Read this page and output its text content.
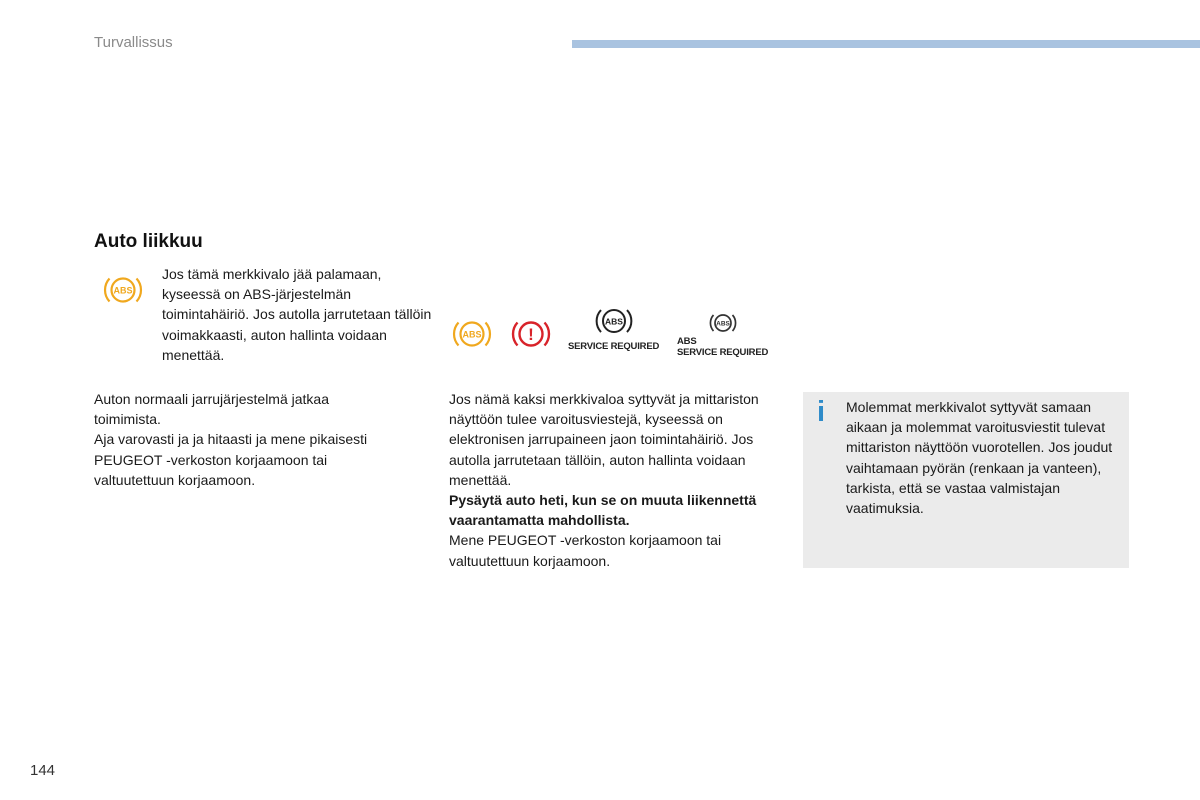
Turvallissus
Auto liikkuu
ABS
Jos tämä merkkivalo jää palamaan, kyseessä on ABS-järjestelmän toimintahäiriö. Jos autolla jarrutetaan tällöin voimakkaasti, auton hallinta voidaan menettää.
ABS	!
ABS
SERVICE REQUIRED
ABS
ABS
SERVICE REQUIRED
Auton normaali jarrujärjestelmä jatkaa toimimista.
Aja varovasti ja ja hitaasti ja mene pikaisesti PEUGEOT -verkoston korjaamoon tai valtuutettuun korjaamoon.
Jos nämä kaksi merkkivaloa syttyvät ja mittariston näyttöön tulee varoitusviestejä, kyseessä on elektronisen jarrupaineen jaon toimintahäiriö. Jos autolla jarrutetaan tällöin, auton hallinta voidaan menettää.
Pysäytä auto heti, kun se on muuta liikennettä vaarantamatta mahdollista.
Mene PEUGEOT -verkoston korjaamoon tai valtuutettuun korjaamoon.
i Molemmat merkkivalot syttyvät samaan aikaan ja molemmat varoitusviestit tulevat mittariston näyttöön vuorotellen. Jos joudut vaihtamaan pyörän (renkaan ja vanteen), tarkista, että se vastaa valmistajan vaatimuksia.
144
